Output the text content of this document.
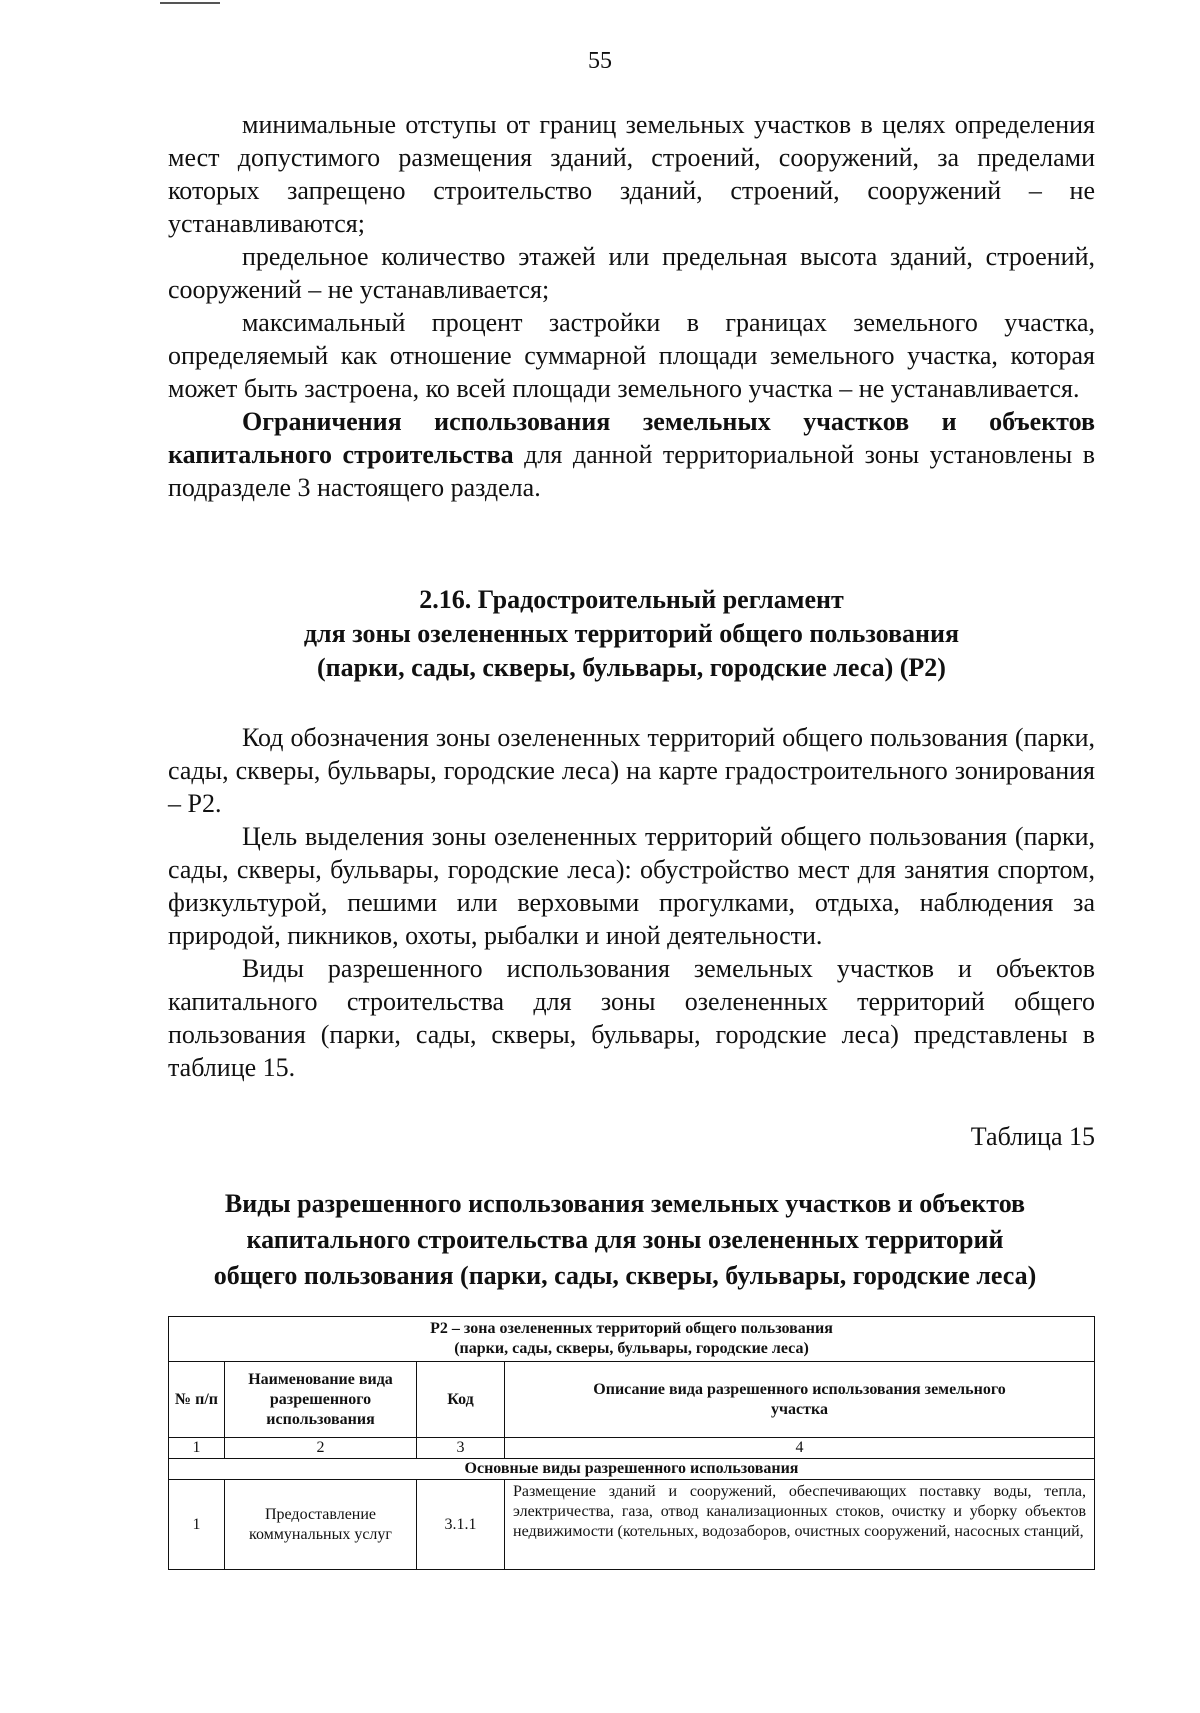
55

минимальные отступы от границ земельных участков в целях определения мест допустимого размещения зданий, строений, сооружений, за пределами которых запрещено строительство зданий, строений, сооружений – не устанавливаются;

предельное количество этажей или предельная высота зданий, строений, сооружений – не устанавливается;

максимальный процент застройки в границах земельного участка, определяемый как отношение суммарной площади земельного участка, которая может быть застроена, ко всей площади земельного участка – не устанавливается.

Ограничения использования земельных участков и объектов капитального строительства для данной территориальной зоны установлены в подразделе 3 настоящего раздела.

2.16. Градостроительный регламент
для зоны озелененных территорий общего пользования
(парки, сады, скверы, бульвары, городские леса) (Р2)

Код обозначения зоны озелененных территорий общего пользования (парки, сады, скверы, бульвары, городские леса) на карте градостроительного зонирования – Р2.

Цель выделения зоны озелененных территорий общего пользования (парки, сады, скверы, бульвары, городские леса): обустройство мест для занятия спортом, физкультурой, пешими или верховыми прогулками, отдыха, наблюдения за природой, пикников, охоты, рыбалки и иной деятельности.

Виды разрешенного использования земельных участков и объектов капитального строительства для зоны озелененных территорий общего пользования (парки, сады, скверы, бульвары, городские леса) представлены в таблице 15.

Таблица 15
Виды разрешенного использования земельных участков и объектов
капитального строительства для зоны озелененных территорий
общего пользования (парки, сады, скверы, бульвары, городские леса)
Р2 – зона озелененных территорий общего пользования
(парки, сады, скверы, бульвары, городские леса)			

№ п/п	Наименование вида разрешенного использования	Код	Описание вида разрешенного использования земельного участка
1	2	3	4
Основные виды разрешенного использования			
1	Предоставление коммунальных услуг	3.1.1	Размещение зданий и сооружений, обеспечивающих поставку воды, тепла, электричества, газа, отвод канализационных стоков, очистку и уборку объектов недвижимости (котельных, водозаборов, очистных сооружений, насосных станций,
